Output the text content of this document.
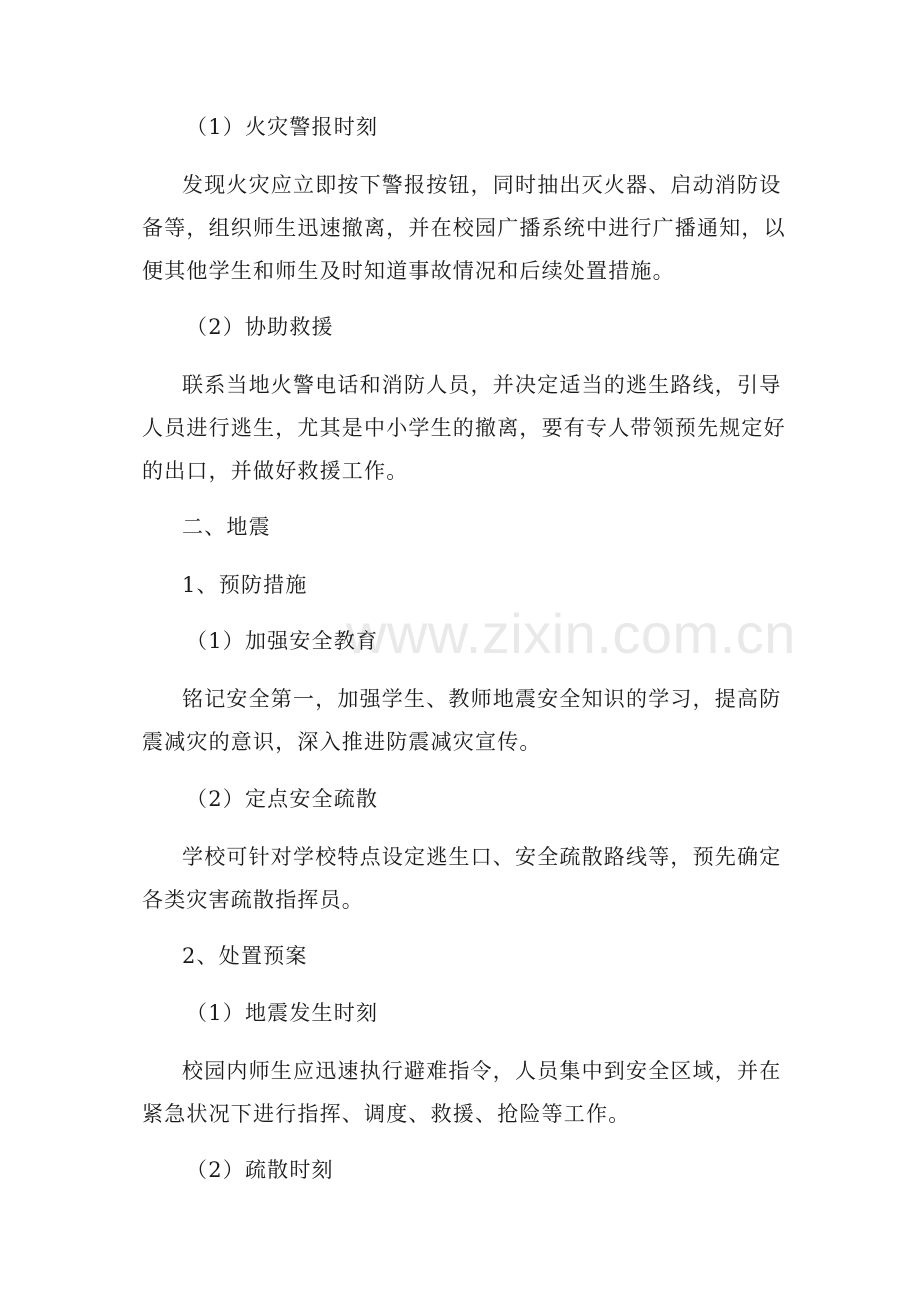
www.zixin.com.cn
（1）火灾警报时刻
发现火灾应立即按下警报按钮，同时抽出灭火器、启动消防设
备等，组织师生迅速撤离，并在校园广播系统中进行广播通知，以
便其他学生和师生及时知道事故情况和后续处置措施。
（2）协助救援
联系当地火警电话和消防人员，并决定适当的逃生路线，引导
人员进行逃生，尤其是中小学生的撤离，要有专人带领预先规定好
的出口，并做好救援工作。
二、地震
1、预防措施
（1）加强安全教育
铭记安全第一，加强学生、教师地震安全知识的学习，提高防
震减灾的意识，深入推进防震减灾宣传。
（2）定点安全疏散
学校可针对学校特点设定逃生口、安全疏散路线等，预先确定
各类灾害疏散指挥员。
2、处置预案
（1）地震发生时刻
校园内师生应迅速执行避难指令，人员集中到安全区域，并在
紧急状况下进行指挥、调度、救援、抢险等工作。
（2）疏散时刻
